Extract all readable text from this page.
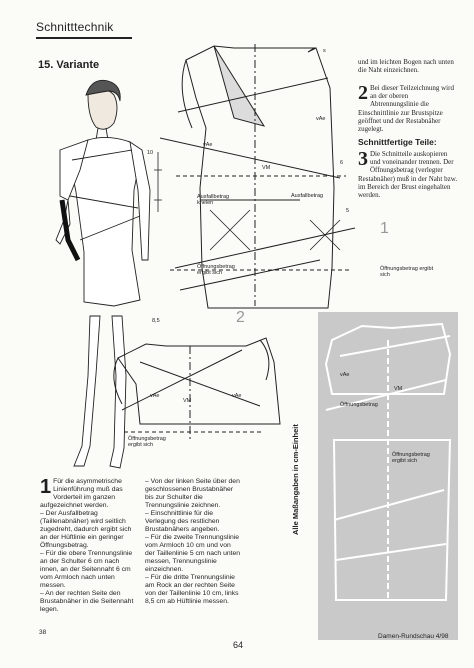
Schnitttechnik
15. Variante
vAe
vAe
VM
Ausfallbetrag knelen
Ausfallbetrag
Öffnungsbetrag ergibt sich
Öffnungsbetrag ergibt sich
10
6
5
8,5
s
1
2
vAe	vAe
VM
Öffnungsbetrag ergibt sich
vAe
Öffnungsbetrag
VM
Öffnungsbetrag ergibt sich
und im leichten Bogen nach unten die Naht einzeichnen.
2 Bei dieser Teilzeichnung wird an der oberen Abtrennungslinie die Einschnittlinie zur Brustspitze geöffnet und der Restabnäher zugelegt.
Schnittfertige Teile:
3 Die Schnitteile auskopieren und voneinander trennen. Der Öffnungsbetrag (verlegter Restabnäher) muß in der Naht bzw. im Bereich der Brust eingehalten werden.
1 Für die asymmetrische Linienführung muß das Vorderteil im ganzen aufgezeichnet werden.

– Der Ausfallbetrag (Taillenabnäher) wird seitlich zugedreht, dadurch ergibt sich an der Hüftlinie ein geringer Öffnungsbetrag.

– Für die obere Trennungslinie an der Schulter 6 cm nach innen, an der Seitennaht 6 cm vom Armloch nach unten messen.

– An der rechten Seite den Brustabnäher in die Seitennaht legen.

– Von der linken Seite über den geschlossenen Brustabnäher bis zur Schulter die Trennungslinie zeichnen.

– Einschnittlinie für die Verlegung des restlichen Brustabnähers angeben.

– Für die zweite Trennungslinie vom Armloch 10 cm und von der Taillenlinie 5 cm nach unten messen, Trennungslinie einzeichnen.

– Für die dritte Trennungslinie am Rock an der rechten Seite von der Taillenlinie 10 cm, links 8,5 cm ab Hüftlinie messen.

Alle Maßangaben in cm-Einheit
38
64
Damen-Rundschau 4/98
